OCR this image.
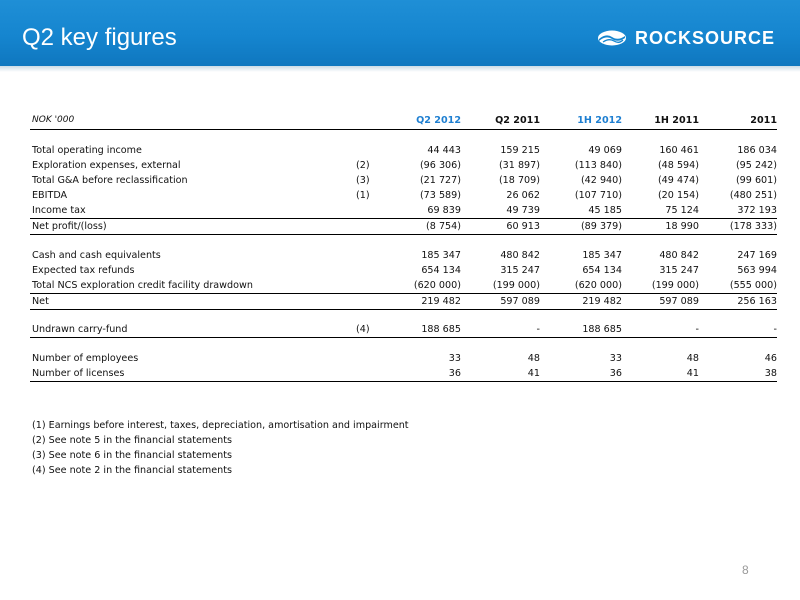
Q2 key figures	ROCKSOURCE
NOK '000		Q2 2012	Q2 2011	1H 2012	1H 2011	2011

Total operating income		44 443	159 215	49 069	160 461	186 034
Exploration expenses, external	(2)	(96 306)	(31 897)	(113 840)	(48 594)	(95 242)
Total G&A before reclassification	(3)	(21 727)	(18 709)	(42 940)	(49 474)	(99 601)
EBITDA	(1)	(73 589)	26 062	(107 710)	(20 154)	(480 251)
Income tax		69 839	49 739	45 185	75 124	372 193
Net profit/(loss)		(8 754)	60 913	(89 379)	18 990	(178 333)

Cash and cash equivalents		185 347	480 842	185 347	480 842	247 169
Expected tax refunds		654 134	315 247	654 134	315 247	563 994
Total NCS exploration credit facility drawdown		(620 000)	(199 000)	(620 000)	(199 000)	(555 000)
Net		219 482	597 089	219 482	597 089	256 163

Undrawn carry-fund	(4)	188 685	-	188 685	-	-

Number of employees		33	48	33	48	46
Number of licenses		36	41	36	41	38
(1) Earnings before interest, taxes, depreciation, amortisation and impairment
(2) See note 5 in the financial statements
(3) See note 6 in the financial statements
(4) See note 2 in the financial statements
8
